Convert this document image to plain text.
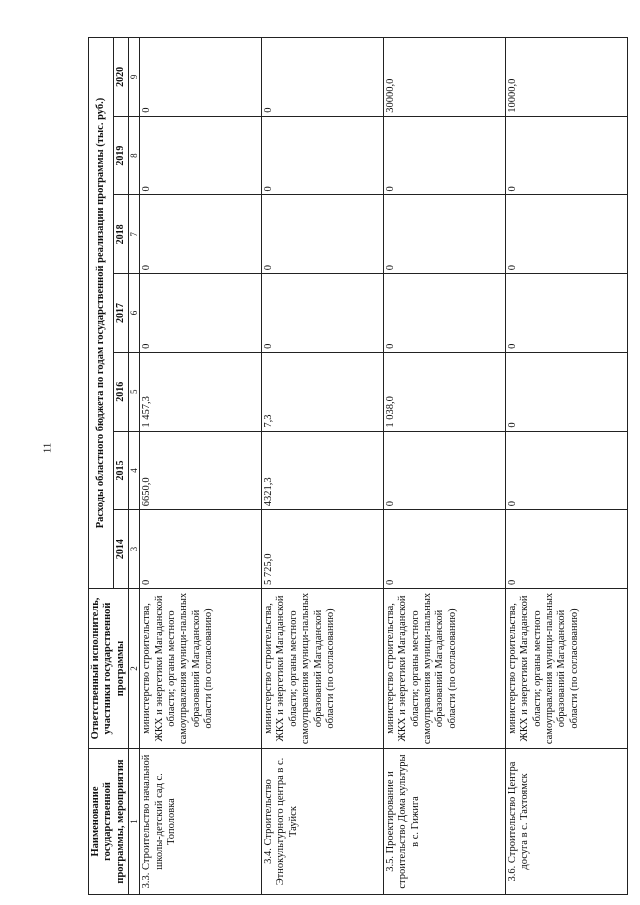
11
Наименование государственной программы, мероприятия	Ответственный исполнитель, участники государственной программы	Расходы областного бюджета по годам государственной реализации программы (тыс. руб.)						
		2014	2015	2016	2017	2018	2019	2020
1	2	3	4	5	6	7	8	9
3.3. Строительство начальной школы-детский сад с. Тополовка	министерство строительства, ЖКХ и энергетики Магаданской области; органы местного самоуправления муници-пальных образований Магаданской области (по согласованию)	0	6650,0	1 457,3	0	0	0	0
3.4. Строительство Этнокультурного центра в с. Тауйск	министерство строительства, ЖКХ и энергетики Магаданской области; органы местного самоуправления муници-пальных образований Магаданской области (по согласованию)	5 725,0	4321,3	7,3	0	0	0	0
3.5. Проектирование и строительство Дома культуры в с. Гижига	министерство строительства, ЖКХ и энергетики Магаданской области; органы местного самоуправления муници-пальных образований Магаданской области (по согласованию)	0	0	1 038,0	0	0	0	30000,0
3.6. Строительство Центра досуга в с. Тахтоямск	министерство строительства, ЖКХ и энергетики Магаданской области; органы местного самоуправления муници-пальных образований Магаданской области (по согласованию)	0	0	0	0	0	0	10000,0
